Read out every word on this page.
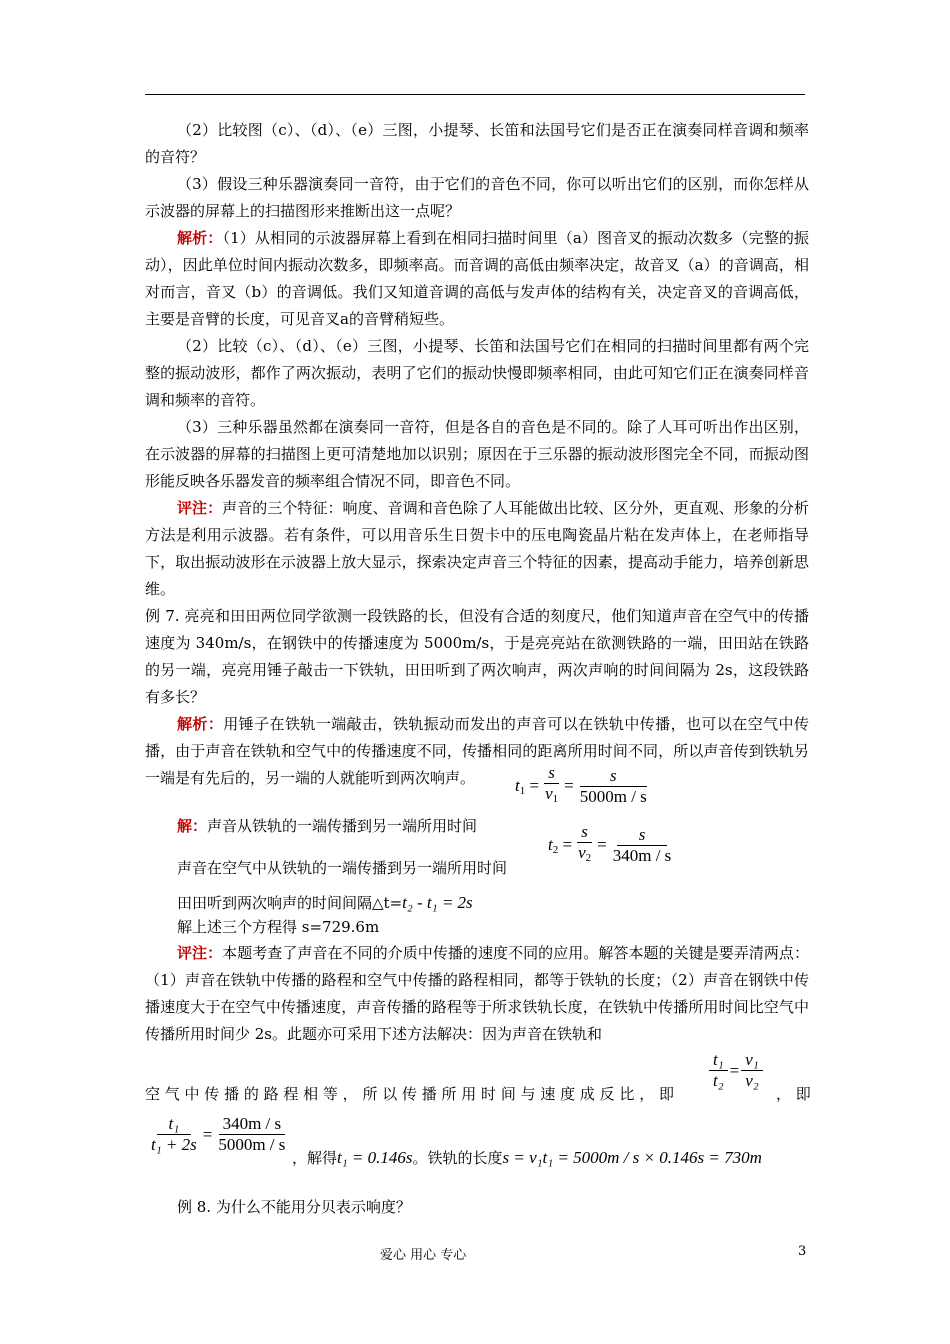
（2）比较图（c）、（d）、（e）三图，小提琴、长笛和法国号它们是否正在演奏同样音调和频率的音符？

（3）假设三种乐器演奏同一音符，由于它们的音色不同，你可以听出它们的区别，而你怎样从示波器的屏幕上的扫描图形来推断出这一点呢？

解析：（1）从相同的示波器屏幕上看到在相同扫描时间里（a）图音叉的振动次数多（完整的振动），因此单位时间内振动次数多，即频率高。而音调的高低由频率决定，故音叉（a）的音调高，相对而言，音叉（b）的音调低。我们又知道音调的高低与发声体的结构有关，决定音叉的音调高低，主要是音臂的长度，可见音叉a的音臂稍短些。

（2）比较（c）、（d）、（e）三图，小提琴、长笛和法国号它们在相同的扫描时间里都有两个完整的振动波形，都作了两次振动，表明了它们的振动快慢即频率相同，由此可知它们正在演奏同样音调和频率的音符。

（3）三种乐器虽然都在演奏同一音符，但是各自的音色是不同的。除了人耳可听出作出区别，在示波器的屏幕的扫描图上更可清楚地加以识别；原因在于三乐器的振动波形图完全不同，而振动图形能反映各乐器发音的频率组合情况不同，即音色不同。

评注：声音的三个特征：响度、音调和音色除了人耳能做出比较、区分外，更直观、形象的分析方法是利用示波器。若有条件，可以用音乐生日贺卡中的压电陶瓷晶片粘在发声体上，在老师指导下，取出振动波形在示波器上放大显示，探索决定声音三个特征的因素，提高动手能力，培养创新思维。

例 7. 亮亮和田田两位同学欲测一段铁路的长，但没有合适的刻度尺，他们知道声音在空气中的传播速度为 340m/s，在钢铁中的传播速度为 5000m/s，于是亮亮站在欲测铁路的一端，田田站在铁路的另一端，亮亮用锤子敲击一下铁轨，田田听到了两次响声，两次声响的时间间隔为 2s，这段铁路有多长？

解析：用锤子在铁轨一端敲击，铁轨振动而发出的声音可以在铁轨中传播，也可以在空气中传播，由于声音在铁轨和空气中的传播速度不同，传播相同的距离所用时间不同，所以声音传到铁轨另一端是有先后的，另一端的人就能听到两次响声。

解：声音从铁轨的一端传播到另一端所用时间
$t_1 = \frac{s}{v_1} = \frac{s}{5000m / s}$
声音在空气中从铁轨的一端传播到另一端所用时间
$t_2 = \frac{s}{v_2} = \frac{s}{340m / s}$
田田听到两次响声的时间间隔△t=t₂ - t₁ = 2s
解上述三个方程得 s=729.6m

评注：本题考查了声音在不同的介质中传播的速度不同的应用。解答本题的关键是要弄清两点：（1）声音在铁轨中传播的路程和空气中传播的路程相同，都等于铁轨的长度；（2）声音在钢铁中传播速度大于在空气中传播速度，声音传播的路程等于所求铁轨长度，在铁轨中传播所用时间比空气中传播所用时间少 2s。此题亦可采用下述方法解决：因为声音在铁轨和

空 气 中 传 播 的 路 程 相 等 ， 所 以 传 播 所 用 时 间 与 速 度 成 反 比 ， 即
$\frac{\text{t₁}}{\text{t₂}} = \frac{\text{v₁}}{\text{v₂}}$
， 即
$\frac{\text{t₁}}{\text{t₁ + 2s}} = \frac{340m / s}{5000m / s}$
，解得t₁ = 0.146s。铁轨的长度s = v₁t₁ = 5000m / s × 0.146s = 730m
例 8. 为什么不能用分贝表示响度？
爱心 用心 专心	3
